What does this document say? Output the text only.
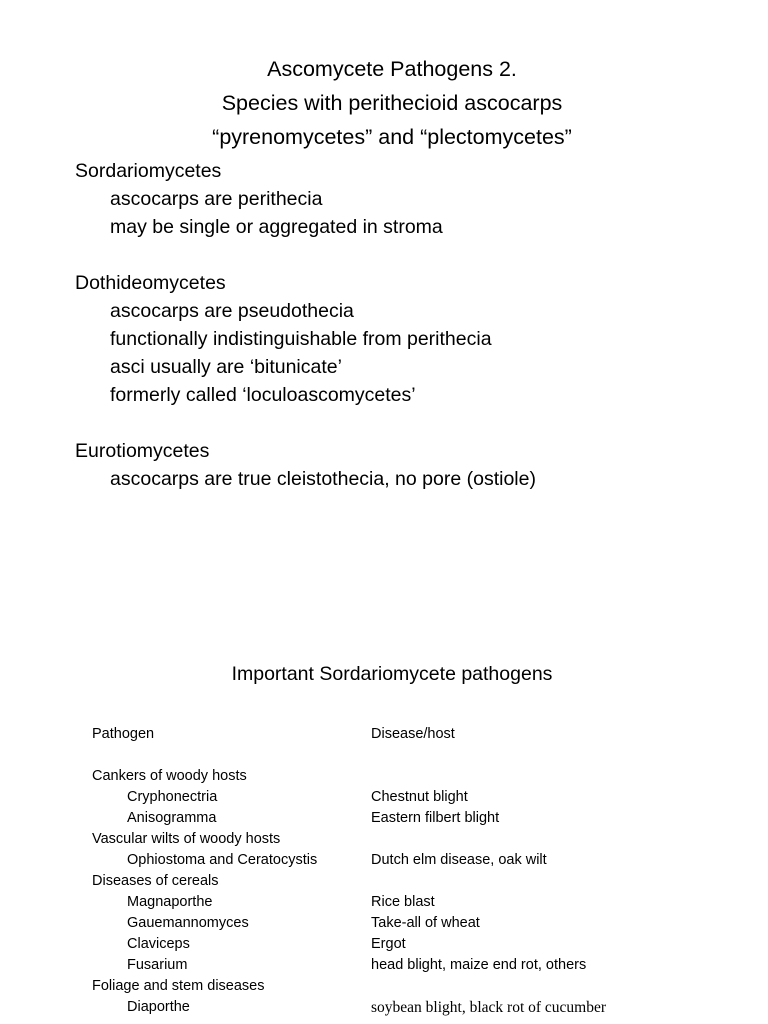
Ascomycete Pathogens 2.
Species with perithecioid ascocarps
“pyrenomycetes” and “plectomycetes”
Sordariomycetes
ascocarps are perithecia
may be single or aggregated in stroma
Dothideomycetes
ascocarps are pseudothecia
functionally indistinguishable from perithecia
asci usually are ‘bitunicate’
formerly called ‘loculoascomycetes’
Eurotiomycetes
ascocarps are true cleistothecia, no pore (ostiole)
Important Sordariomycete pathogens
Pathogen	Disease/host
Cankers of woody hosts
Cryphonectria	Chestnut blight
Anisogramma	Eastern filbert blight
Vascular wilts of woody hosts
Ophiostoma and Ceratocystis	Dutch elm disease, oak wilt
Diseases of cereals
Magnaporthe	Rice blast
Gauemannomyces	Take-all of wheat
Claviceps	Ergot
Fusarium	head blight, maize end rot, others
Foliage and stem diseases
Diaporthe	soybean blight, black rot of cucumber
